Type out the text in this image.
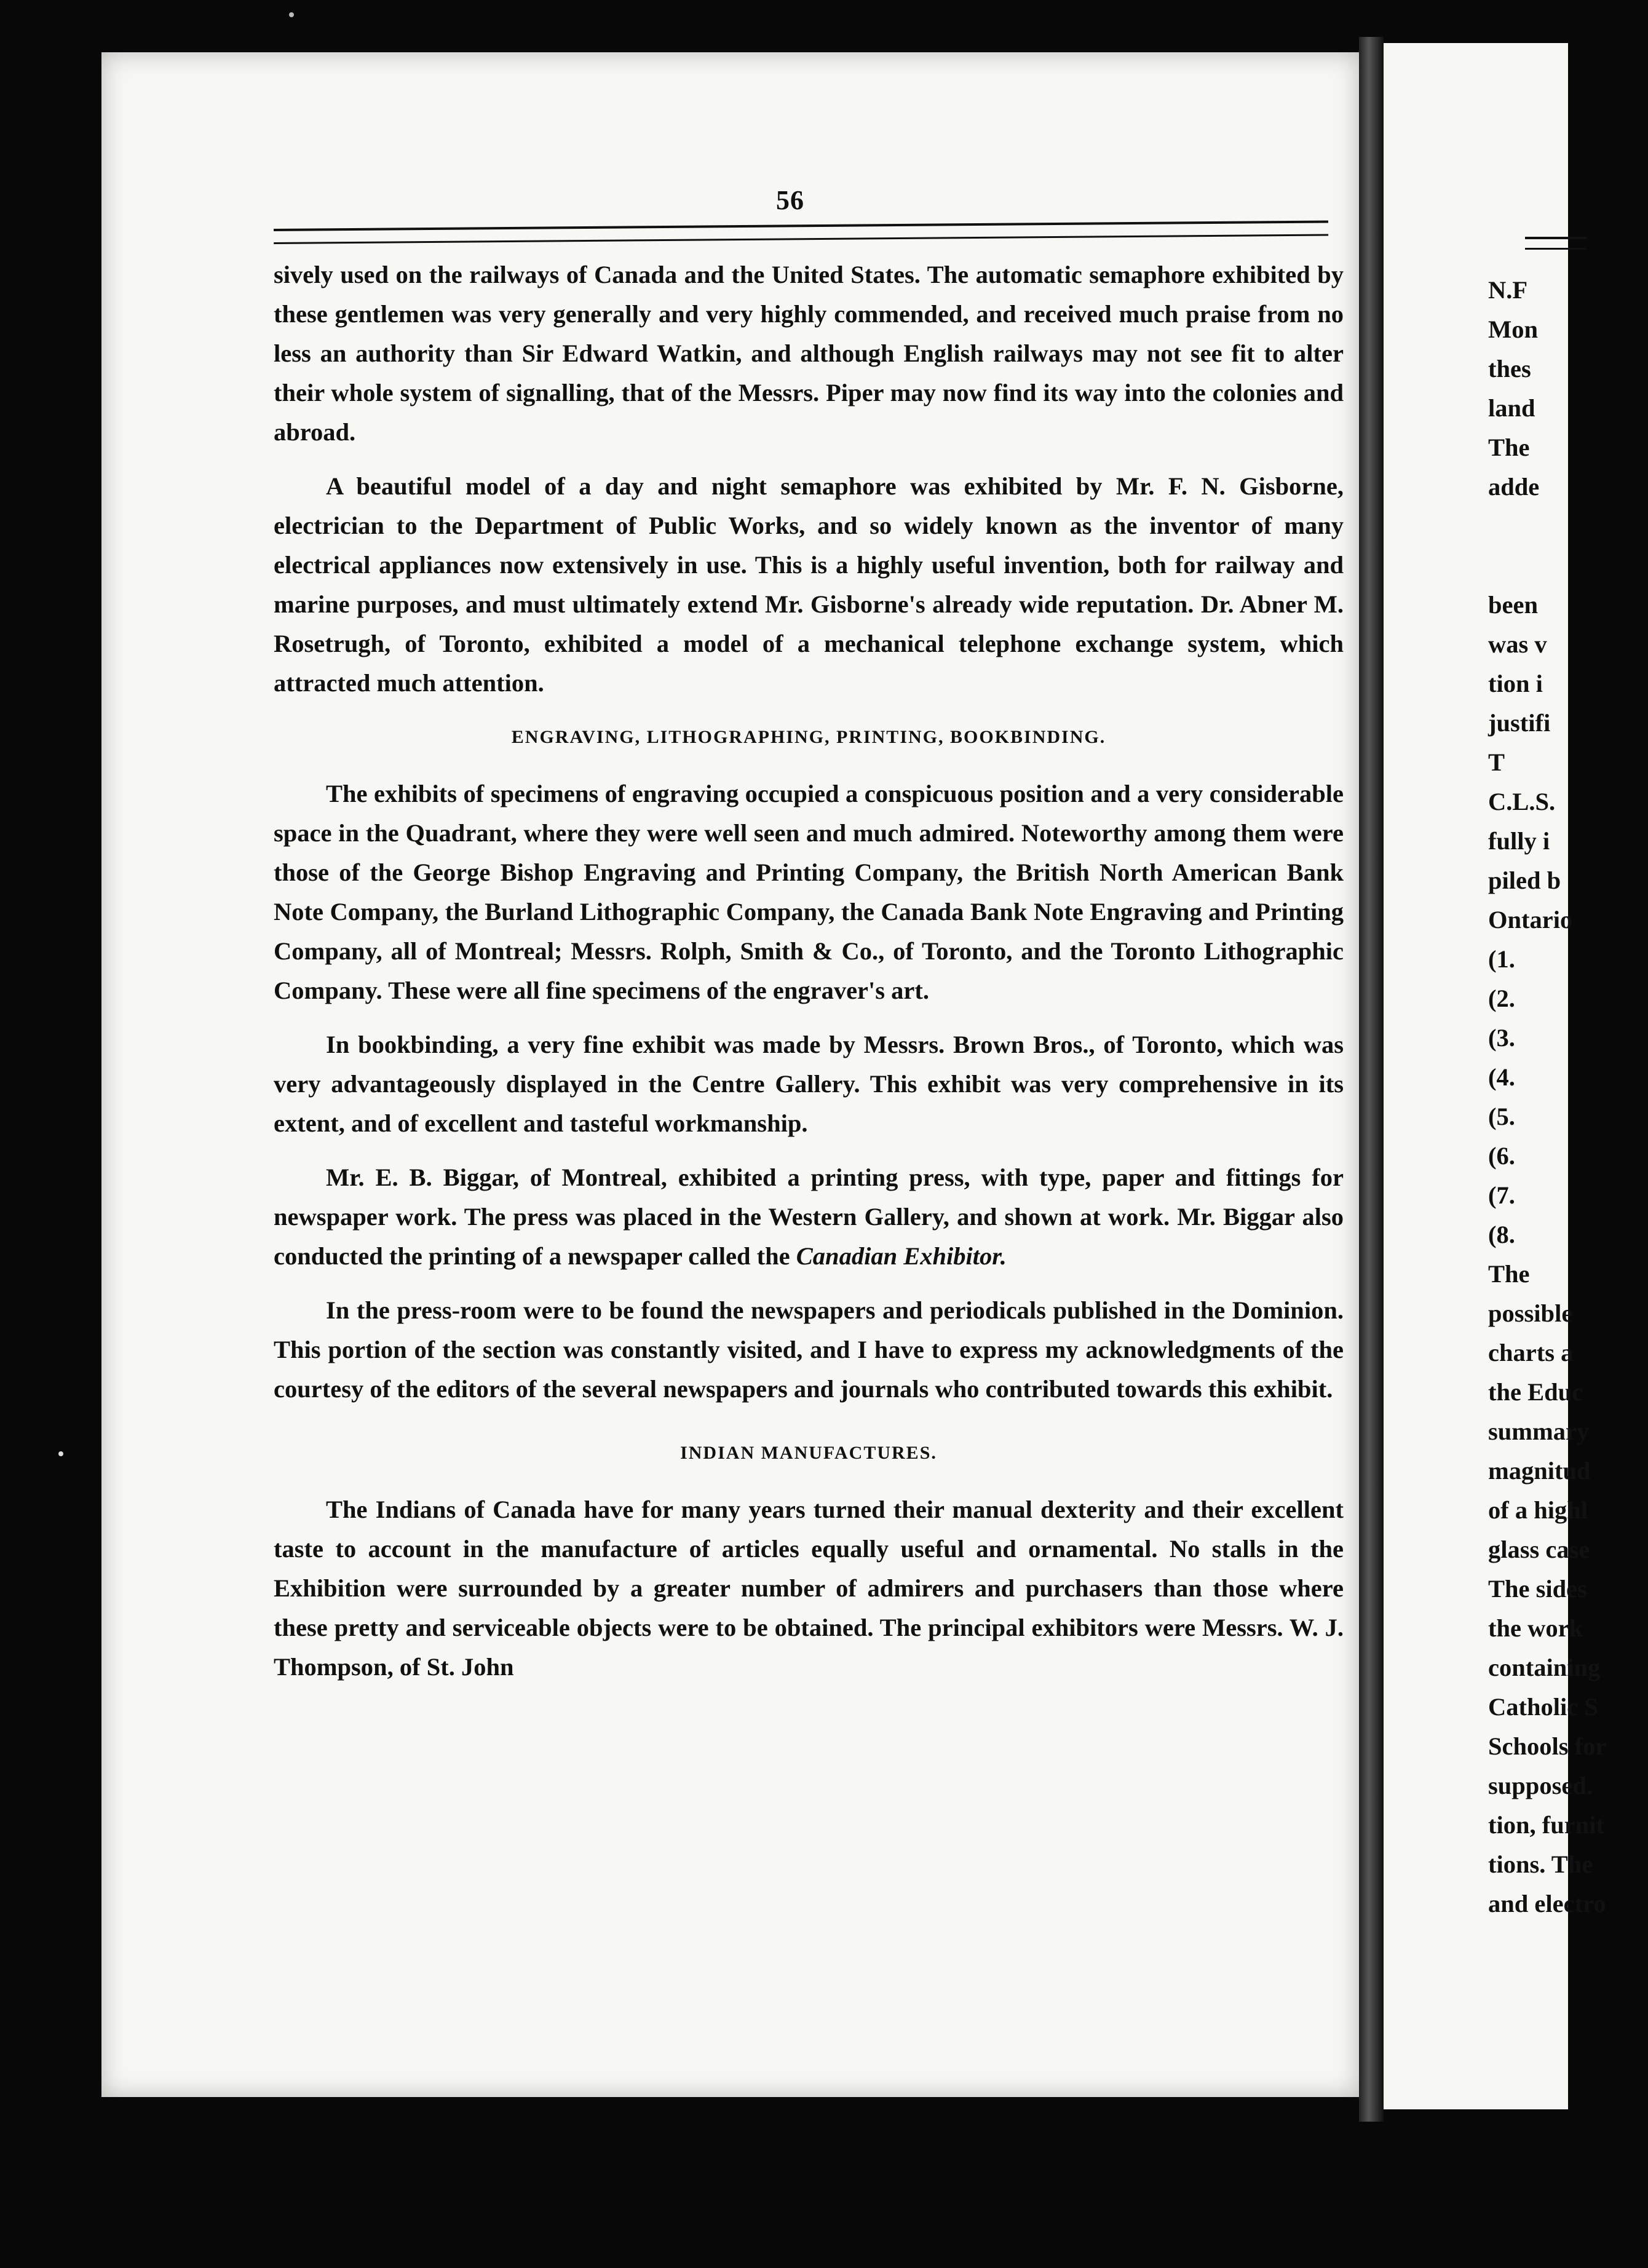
56

sively used on the railways of Canada and the United States. The automatic semaphore exhibited by these gentlemen was very generally and very highly commended, and received much praise from no less an authority than Sir Edward Watkin, and although English railways may not see fit to alter their whole system of signalling, that of the Messrs. Piper may now find its way into the colonies and abroad.

A beautiful model of a day and night semaphore was exhibited by Mr. F. N. Gisborne, electrician to the Department of Public Works, and so widely known as the inventor of many electrical appliances now extensively in use. This is a highly useful invention, both for railway and marine purposes, and must ultimately extend Mr. Gisborne's already wide reputation. Dr. Abner M. Rosetrugh, of Toronto, exhibited a model of a mechanical telephone exchange system, which attracted much attention.

ENGRAVING, LITHOGRAPHING, PRINTING, BOOKBINDING.

The exhibits of specimens of engraving occupied a conspicuous position and a very considerable space in the Quadrant, where they were well seen and much admired. Noteworthy among them were those of the George Bishop Engraving and Printing Company, the British North American Bank Note Company, the Burland Lithographic Company, the Canada Bank Note Engraving and Printing Company, all of Montreal; Messrs. Rolph, Smith & Co., of Toronto, and the Toronto Lithographic Company. These were all fine specimens of the engraver's art.

In bookbinding, a very fine exhibit was made by Messrs. Brown Bros., of Toronto, which was very advantageously displayed in the Centre Gallery. This exhibit was very comprehensive in its extent, and of excellent and tasteful workmanship.

Mr. E. B. Biggar, of Montreal, exhibited a printing press, with type, paper and fittings for newspaper work. The press was placed in the Western Gallery, and shown at work. Mr. Biggar also conducted the printing of a newspaper called the Canadian Exhibitor.

In the press-room were to be found the newspapers and periodicals published in the Dominion. This portion of the section was constantly visited, and I have to express my acknowledgments of the courtesy of the editors of the several newspapers and journals who contributed towards this exhibit.

INDIAN MANUFACTURES.

The Indians of Canada have for many years turned their manual dexterity and their excellent taste to account in the manufacture of articles equally useful and ornamental. No stalls in the Exhibition were surrounded by a greater number of admirers and purchasers than those where these pretty and serviceable objects were to be obtained. The principal exhibitors were Messrs. W. J. Thompson, of St. John

N.F
Mon
thes
land
The
adde

been
was v
tion i
justifi
T
C.L.S.
fully i
piled b
Ontario
(1.
(2.
(3.
(4.
(5.
(6.
(7.
(8.
The
possible
charts a
the Educ
summary
magnitud
of a highl
glass case
The sides
the work
containing
Catholic S
Schools for
supposed.
tion, furnit
tions. The
and electro
